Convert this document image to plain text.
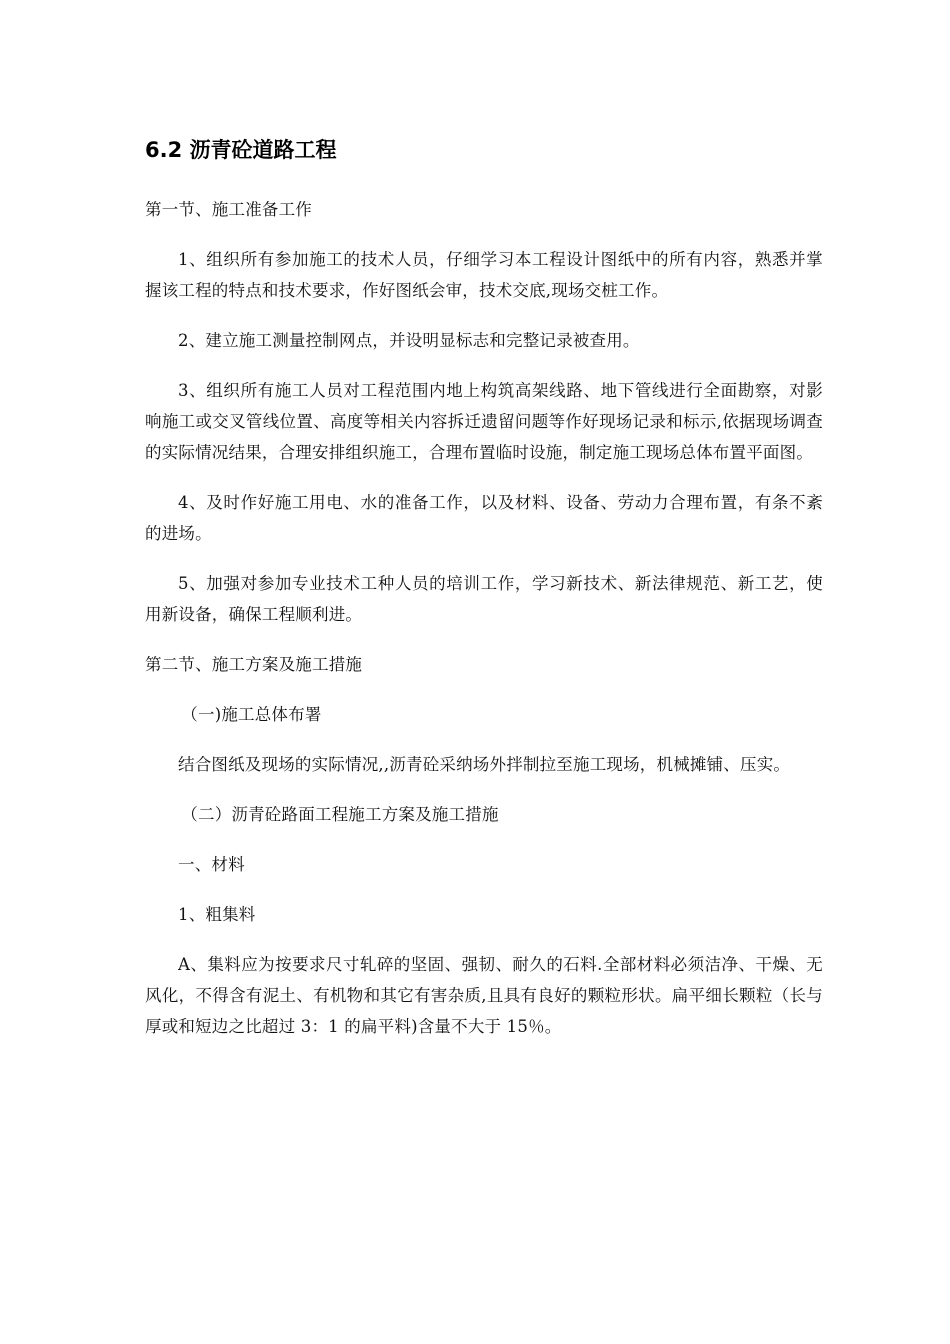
6.2 沥青砼道路工程

第一节、施工准备工作

1、组织所有参加施工的技术人员，仔细学习本工程设计图纸中的所有内容，熟悉并掌握该工程的特点和技术要求，作好图纸会审，技术交底,现场交桩工作。

2、建立施工测量控制网点，并设明显标志和完整记录被查用。

3、组织所有施工人员对工程范围内地上构筑高架线路、地下管线进行全面勘察，对影响施工或交叉管线位置、高度等相关内容拆迁遗留问题等作好现场记录和标示,依据现场调查的实际情况结果，合理安排组织施工，合理布置临时设施，制定施工现场总体布置平面图。

4、及时作好施工用电、水的准备工作，以及材料、设备、劳动力合理布置，有条不紊的进场。

5、加强对参加专业技术工种人员的培训工作，学习新技术、新法律规范、新工艺，使用新设备，确保工程顺利进。

第二节、施工方案及施工措施

（一)施工总体布署

结合图纸及现场的实际情况,,沥青砼采纳场外拌制拉至施工现场，机械摊铺、压实。

（二）沥青砼路面工程施工方案及施工措施

一、材料

1、粗集料

A、集料应为按要求尺寸轧碎的坚固、强韧、耐久的石料.全部材料必须洁净、干燥、无风化，不得含有泥土、有机物和其它有害杂质,且具有良好的颗粒形状。扁平细长颗粒（长与厚或和短边之比超过 3：1 的扁平料)含量不大于 15％。
